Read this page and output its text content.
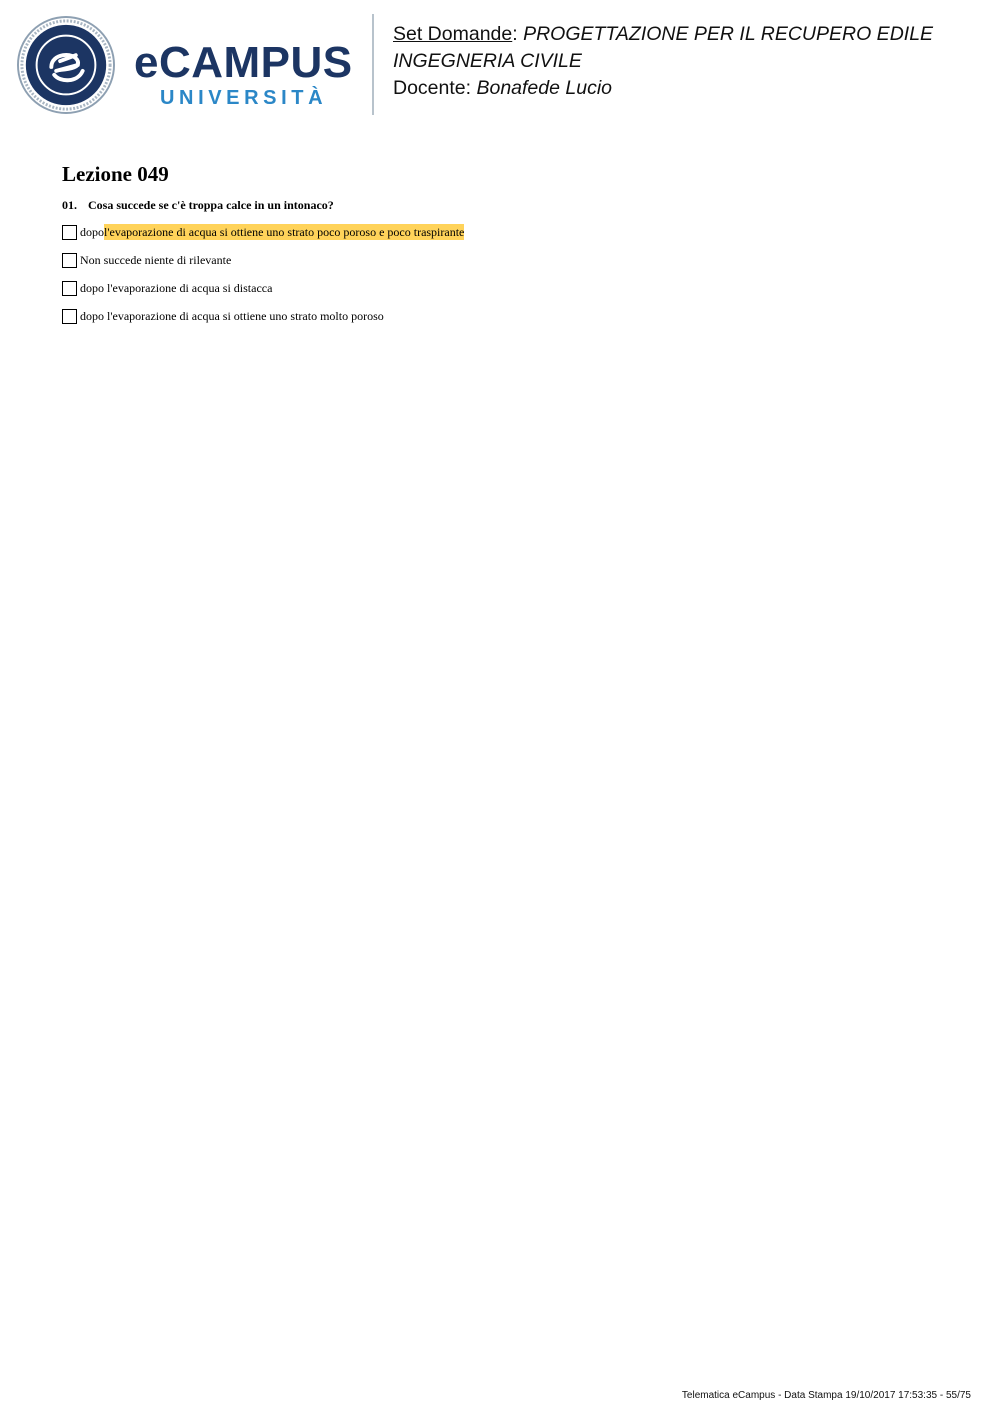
eCAMPUS
UNIVERSITÀ
Set Domande: PROGETTAZIONE PER IL RECUPERO EDILE
INGEGNERIA CIVILE
Docente: Bonafede Lucio
Lezione 049
01. Cosa succede se c'è troppa calce in un intonaco?
dopo l'evaporazione di acqua si ottiene uno strato poco poroso e poco traspirante
Non succede niente di rilevante
dopo l'evaporazione di acqua si distacca
dopo l'evaporazione di acqua si ottiene uno strato molto poroso
Telematica eCampus - Data Stampa 19/10/2017 17:53:35 - 55/75
